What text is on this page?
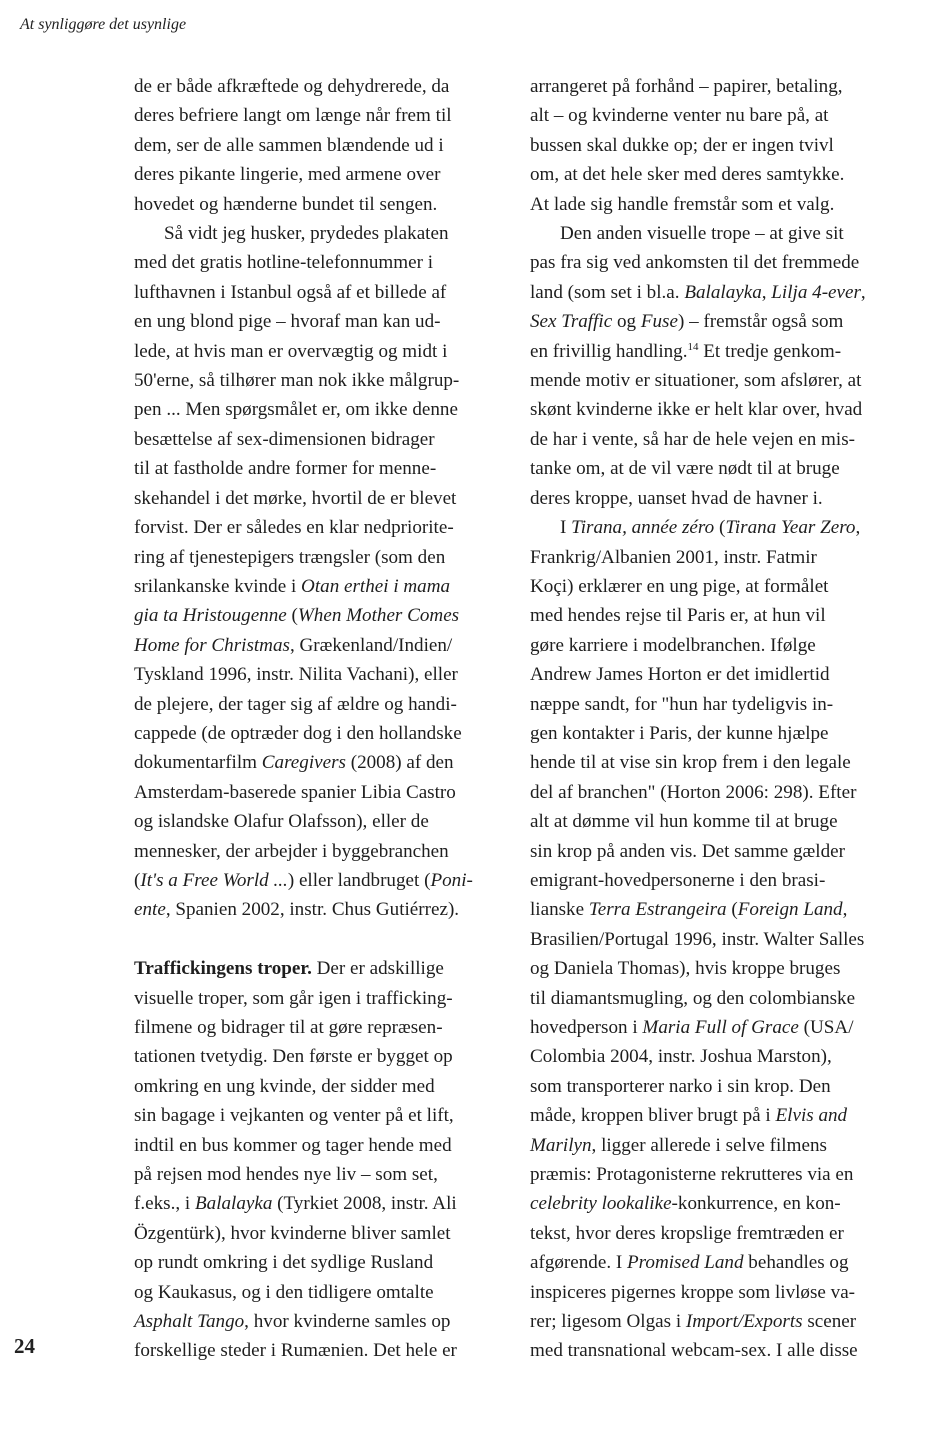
At synliggøre det usynlige
de er både afkræftede og dehydrerede, da
deres befriere langt om længe når frem til
dem, ser de alle sammen blændende ud i
deres pikante lingerie, med armene over
hovedet og hænderne bundet til sengen.
Så vidt jeg husker, prydedes plakaten
med det gratis hotline-telefonnummer i
lufthavnen i Istanbul også af et billede af
en ung blond pige – hvoraf man kan ud-
lede, at hvis man er overvægtig og midt i
50'erne, så tilhører man nok ikke målgrup-
pen ... Men spørgsmålet er, om ikke denne
besættelse af sex-dimensionen bidrager
til at fastholde andre former for menne-
skehandel i det mørke, hvortil de er blevet
forvist. Der er således en klar nedpriorite-
ring af tjenestepigers trængsler (som den
srilankanske kvinde i Otan erthei i mama
gia ta Hristougenne (When Mother Comes
Home for Christmas, Grækenland/Indien/
Tyskland 1996, instr. Nilita Vachani), eller
de plejere, der tager sig af ældre og handi-
cappede (de optræder dog i den hollandske
dokumentarfilm Caregivers (2008) af den
Amsterdam-baserede spanier Libia Castro
og islandske Olafur Olafsson), eller de
mennesker, der arbejder i byggebranchen
(It's a Free World ...) eller landbruget (Poni-
ente, Spanien 2002, instr. Chus Gutiérrez).
Traffickingens troper. Der er adskillige
visuelle troper, som går igen i trafficking-
filmene og bidrager til at gøre repræsen-
tationen tvetydig. Den første er bygget op
omkring en ung kvinde, der sidder med
sin bagage i vejkanten og venter på et lift,
indtil en bus kommer og tager hende med
på rejsen mod hendes nye liv – som set,
f.eks., i Balalayka (Tyrkiet 2008, instr. Ali
Özgentürk), hvor kvinderne bliver samlet
op rundt omkring i det sydlige Rusland
og Kaukasus, og i den tidligere omtalte
Asphalt Tango, hvor kvinderne samles op
forskellige steder i Rumænien. Det hele er
arrangeret på forhånd – papirer, betaling,
alt – og kvinderne venter nu bare på, at
bussen skal dukke op; der er ingen tvivl
om, at det hele sker med deres samtykke.
At lade sig handle fremstår som et valg.
Den anden visuelle trope – at give sit
pas fra sig ved ankomsten til det fremmede
land (som set i bl.a. Balalayka, Lilja 4-ever,
Sex Traffic og Fuse) – fremstår også som
en frivillig handling.$^{14}$ Et tredje genkom-
mende motiv er situationer, som afslører, at
skønt kvinderne ikke er helt klar over, hvad
de har i vente, så har de hele vejen en mis-
tanke om, at de vil være nødt til at bruge
deres kroppe, uanset hvad de havner i.
I Tirana, année zéro (Tirana Year Zero,
Frankrig/Albanien 2001, instr. Fatmir
Koçi) erklærer en ung pige, at formålet
med hendes rejse til Paris er, at hun vil
gøre karriere i modelbranchen. Ifølge
Andrew James Horton er det imidlertid
næppe sandt, for "hun har tydeligvis in-
gen kontakter i Paris, der kunne hjælpe
hende til at vise sin krop frem i den legale
del af branchen" (Horton 2006: 298). Efter
alt at dømme vil hun komme til at bruge
sin krop på anden vis. Det samme gælder
emigrant-hovedpersonerne i den brasi-
lianske Terra Estrangeira (Foreign Land,
Brasilien/Portugal 1996, instr. Walter Salles
og Daniela Thomas), hvis kroppe bruges
til diamantsmugling, og den colombianske
hovedperson i Maria Full of Grace (USA/
Colombia 2004, instr. Joshua Marston),
som transporterer narko i sin krop. Den
måde, kroppen bliver brugt på i Elvis and
Marilyn, ligger allerede i selve filmens
præmis: Protagonisterne rekrutteres via en
celebrity lookalike-konkurrence, en kon-
tekst, hvor deres kropslige fremtræden er
afgørende. I Promised Land behandles og
inspiceres pigernes kroppe som livløse va-
rer; ligesom Olgas i Import/Exports scener
med transnational webcam-sex. I alle disse
24
